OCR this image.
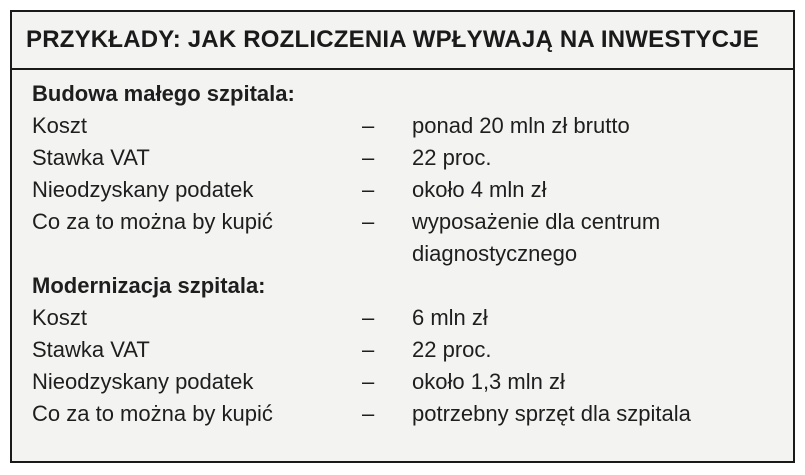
PRZYKŁADY: JAK ROZLICZENIA WPŁYWAJĄ NA INWESTYCJE
Budowa małego szpitala:
Koszt	–	ponad 20 mln zł brutto
Stawka VAT	–	22 proc.
Nieodzyskany podatek	–	około 4 mln zł
Co za to można by kupić	–	wyposażenie dla centrum
diagnostycznego
Modernizacja szpitala:
Koszt	–	6 mln zł
Stawka VAT	–	22 proc.
Nieodzyskany podatek	–	około 1,3 mln zł
Co za to można by kupić	–	potrzebny sprzęt dla szpitala
